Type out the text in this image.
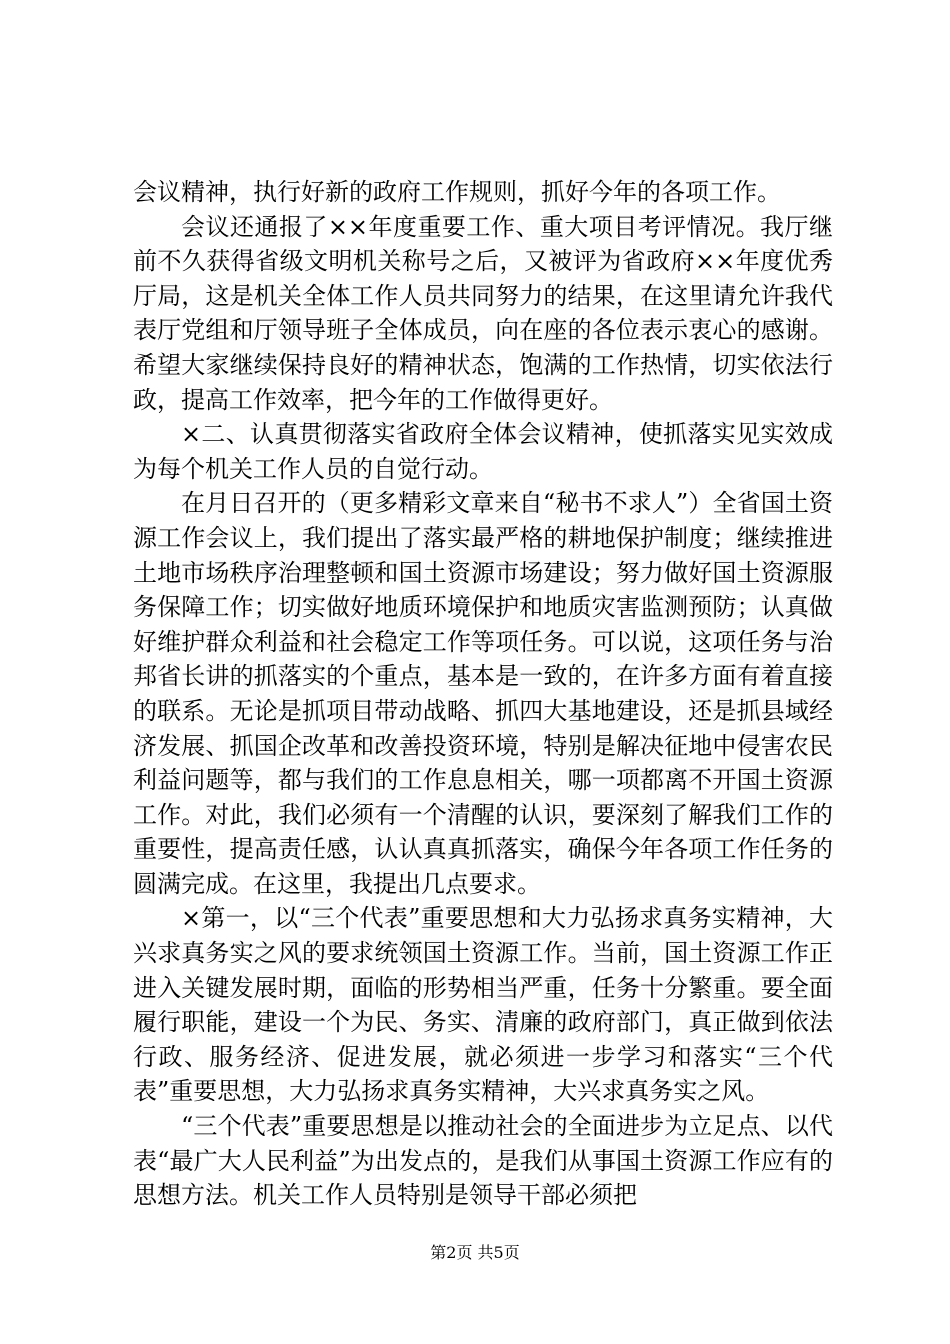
会议精神，执行好新的政府工作规则，抓好今年的各项工作。

会议还通报了××年度重要工作、重大项目考评情况。我厅继前不久获得省级文明机关称号之后，又被评为省政府××年度优秀厅局，这是机关全体工作人员共同努力的结果，在这里请允许我代表厅党组和厅领导班子全体成员，向在座的各位表示衷心的感谢。希望大家继续保持良好的精神状态，饱满的工作热情，切实依法行政，提高工作效率，把今年的工作做得更好。

×二、认真贯彻落实省政府全体会议精神，使抓落实见实效成为每个机关工作人员的自觉行动。

在月日召开的（更多精彩文章来自“秘书不求人”）全省国土资源工作会议上，我们提出了落实最严格的耕地保护制度；继续推进土地市场秩序治理整顿和国土资源市场建设；努力做好国土资源服务保障工作；切实做好地质环境保护和地质灾害监测预防；认真做好维护群众利益和社会稳定工作等项任务。可以说，这项任务与治邦省长讲的抓落实的个重点，基本是一致的，在许多方面有着直接的联系。无论是抓项目带动战略、抓四大基地建设，还是抓县域经济发展、抓国企改革和改善投资环境，特别是解决征地中侵害农民利益问题等，都与我们的工作息息相关，哪一项都离不开国土资源工作。对此，我们必须有一个清醒的认识，要深刻了解我们工作的重要性，提高责任感，认认真真抓落实，确保今年各项工作任务的圆满完成。在这里，我提出几点要求。

×第一，以“三个代表”重要思想和大力弘扬求真务实精神，大兴求真务实之风的要求统领国土资源工作。当前，国土资源工作正进入关键发展时期，面临的形势相当严重，任务十分繁重。要全面履行职能，建设一个为民、务实、清廉的政府部门，真正做到依法行政、服务经济、促进发展，就必须进一步学习和落实“三个代表”重要思想，大力弘扬求真务实精神，大兴求真务实之风。

“三个代表”重要思想是以推动社会的全面进步为立足点、以代表“最广大人民利益”为出发点的，是我们从事国土资源工作应有的思想方法。机关工作人员特别是领导干部必须把

第2页 共5页
